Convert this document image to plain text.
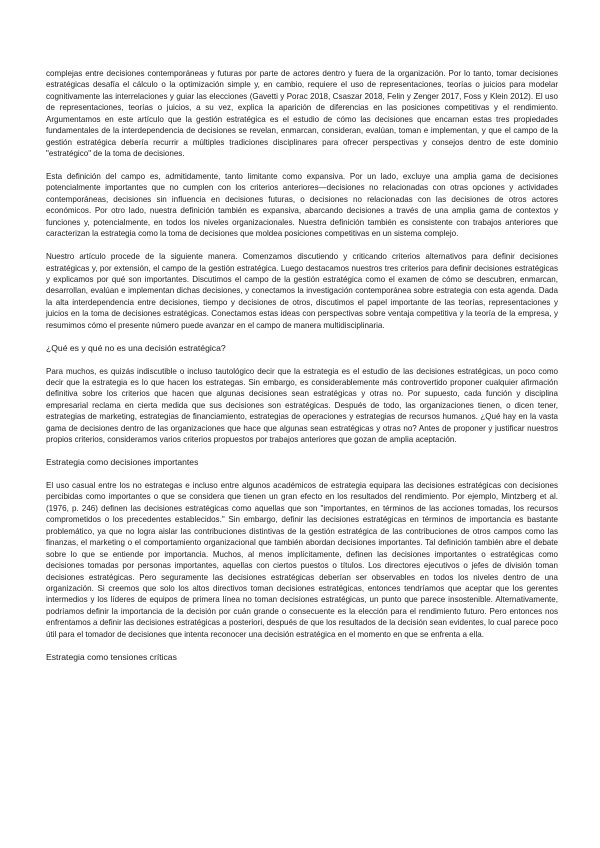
complejas entre decisiones contemporáneas y futuras por parte de actores dentro y fuera de la organización. Por lo tanto, tomar decisiones estratégicas desafía el cálculo o la optimización simple y, en cambio, requiere el uso de representaciones, teorías o juicios para modelar cognitivamente las interrelaciones y guiar las elecciones (Gavetti y Porac 2018, Csaszar 2018, Felin y Zenger 2017, Foss y Klein 2012). El uso de representaciones, teorías o juicios, a su vez, explica la aparición de diferencias en las posiciones competitivas y el rendimiento. Argumentamos en este artículo que la gestión estratégica es el estudio de cómo las decisiones que encarnan estas tres propiedades fundamentales de la interdependencia de decisiones se revelan, enmarcan, consideran, evalúan, toman e implementan, y que el campo de la gestión estratégica debería recurrir a múltiples tradiciones disciplinares para ofrecer perspectivas y consejos dentro de este dominio "estratégico" de la toma de decisiones.

Esta definición del campo es, admitidamente, tanto limitante como expansiva. Por un lado, excluye una amplia gama de decisiones potencialmente importantes que no cumplen con los criterios anteriores—decisiones no relacionadas con otras opciones y actividades contemporáneas, decisiones sin influencia en decisiones futuras, o decisiones no relacionadas con las decisiones de otros actores económicos. Por otro lado, nuestra definición también es expansiva, abarcando decisiones a través de una amplia gama de contextos y funciones y, potencialmente, en todos los niveles organizacionales. Nuestra definición también es consistente con trabajos anteriores que caracterizan la estrategia como la toma de decisiones que moldea posiciones competitivas en un sistema complejo.

Nuestro artículo procede de la siguiente manera. Comenzamos discutiendo y criticando criterios alternativos para definir decisiones estratégicas y, por extensión, el campo de la gestión estratégica. Luego destacamos nuestros tres criterios para definir decisiones estratégicas y explicamos por qué son importantes. Discutimos el campo de la gestión estratégica como el examen de cómo se descubren, enmarcan, desarrollan, evalúan e implementan dichas decisiones, y conectamos la investigación contemporánea sobre estrategia con esta agenda. Dada la alta interdependencia entre decisiones, tiempo y decisiones de otros, discutimos el papel importante de las teorías, representaciones y juicios en la toma de decisiones estratégicas. Conectamos estas ideas con perspectivas sobre ventaja competitiva y la teoría de la empresa, y resumimos cómo el presente número puede avanzar en el campo de manera multidisciplinaria.

¿Qué es y qué no es una decisión estratégica?

Para muchos, es quizás indiscutible o incluso tautológico decir que la estrategia es el estudio de las decisiones estratégicas, un poco como decir que la estrategia es lo que hacen los estrategas. Sin embargo, es considerablemente más controvertido proponer cualquier afirmación definitiva sobre los criterios que hacen que algunas decisiones sean estratégicas y otras no. Por supuesto, cada función y disciplina empresarial reclama en cierta medida que sus decisiones son estratégicas. Después de todo, las organizaciones tienen, o dicen tener, estrategias de marketing, estrategias de financiamiento, estrategias de operaciones y estrategias de recursos humanos. ¿Qué hay en la vasta gama de decisiones dentro de las organizaciones que hace que algunas sean estratégicas y otras no? Antes de proponer y justificar nuestros propios criterios, consideramos varios criterios propuestos por trabajos anteriores que gozan de amplia aceptación.

Estrategia como decisiones importantes

El uso casual entre los no estrategas e incluso entre algunos académicos de estrategia equipara las decisiones estratégicas con decisiones percibidas como importantes o que se considera que tienen un gran efecto en los resultados del rendimiento. Por ejemplo, Mintzberg et al. (1976, p. 246) definen las decisiones estratégicas como aquellas que son "importantes, en términos de las acciones tomadas, los recursos comprometidos o los precedentes establecidos." Sin embargo, definir las decisiones estratégicas en términos de importancia es bastante problemático, ya que no logra aislar las contribuciones distintivas de la gestión estratégica de las contribuciones de otros campos como las finanzas, el marketing o el comportamiento organizacional que también abordan decisiones importantes. Tal definición también abre el debate sobre lo que se entiende por importancia. Muchos, al menos implícitamente, definen las decisiones importantes o estratégicas como decisiones tomadas por personas importantes, aquellas con ciertos puestos o títulos. Los directores ejecutivos o jefes de división toman decisiones estratégicas. Pero seguramente las decisiones estratégicas deberían ser observables en todos los niveles dentro de una organización. Si creemos que solo los altos directivos toman decisiones estratégicas, entonces tendríamos que aceptar que los gerentes intermedios y los líderes de equipos de primera línea no toman decisiones estratégicas, un punto que parece insostenible. Alternativamente, podríamos definir la importancia de la decisión por cuán grande o consecuente es la elección para el rendimiento futuro. Pero entonces nos enfrentamos a definir las decisiones estratégicas a posteriori, después de que los resultados de la decisión sean evidentes, lo cual parece poco útil para el tomador de decisiones que intenta reconocer una decisión estratégica en el momento en que se enfrenta a ella.

Estrategia como tensiones críticas
